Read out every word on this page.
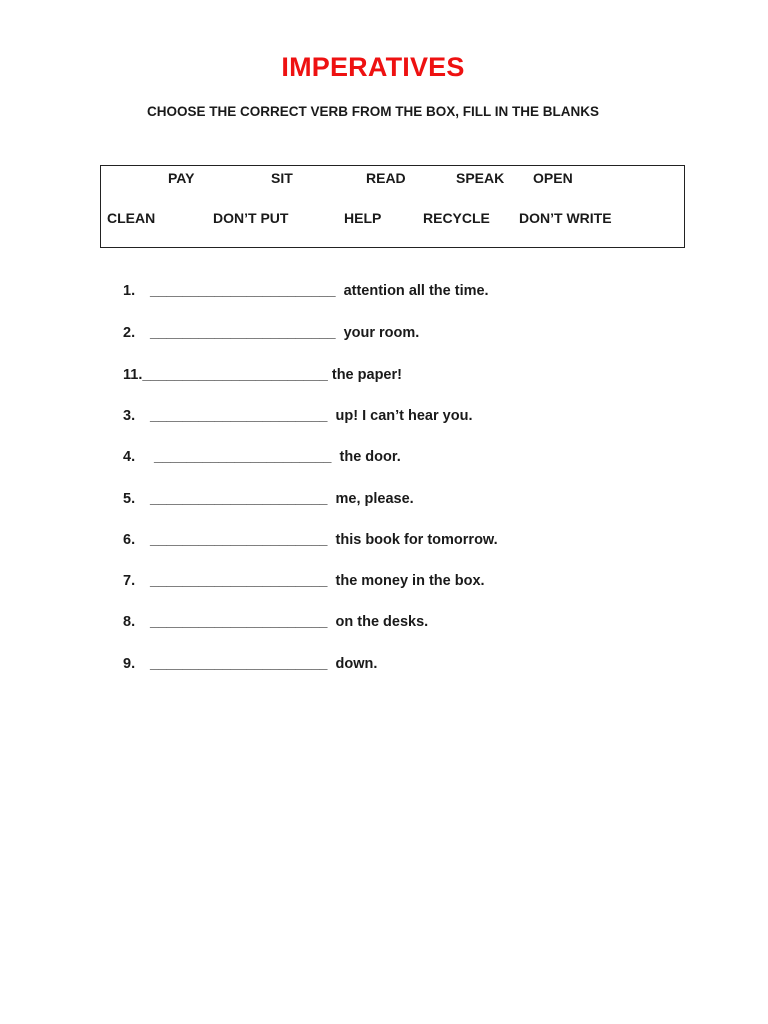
IMPERATIVES
CHOOSE THE CORRECT VERB FROM THE BOX, FILL IN THE BLANKS
PAY	SIT	READ	SPEAK OPEN
CLEAN	DON’T PUT	HELP	RECYCLE DON’T WRITE
1. _______________________  attention all the time.
2. _______________________  your room.
11._______________________ the paper!
3. ______________________  up! I can’t hear you.
4. ______________________  the door.
5. ______________________  me, please.
6. ______________________  this book for tomorrow.
7. ______________________  the money in the box.
8. ______________________  on the desks.
9. ______________________  down.
